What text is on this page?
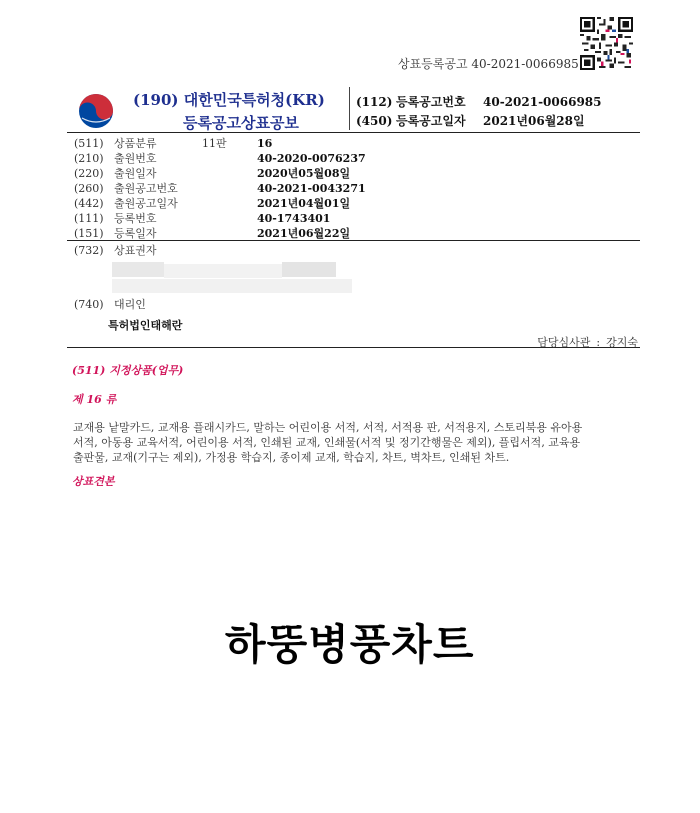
상표등록공고 40-2021-0066985
(190) 대한민국특허청(KR)
등록공고상표공보
(112) 등록공고번호 40-2021-0066985
(450) 등록공고일자 2021년06월28일
(511) 상품분류	11판	16
(210) 출원번호	40-2020-0076237
(220) 출원일자	2020년05월08일
(260) 출원공고번호	40-2021-0043271
(442) 출원공고일자	2021년04월01일
(111) 등록번호	40-1743401
(151) 등록일자	2021년06월22일
(732) 상표권자
(740) 대리인
특허법인태해란
담당심사관 : 강지숙
(511) 지정상품(업무)
제 16 류
교재용 낱말카드, 교재용 플래시카드, 말하는 어린이용 서적, 서적, 서적용 판, 서적용지, 스토리북용 유아용
서적, 아동용 교육서적, 어린이용 서적, 인쇄된 교재, 인쇄물(서적 및 정기간행물은 제외), 플립서적, 교육용
출판물, 교재(기구는 제외), 가정용 학습지, 종이제 교재, 학습지, 차트, 벽차트, 인쇄된 차트.
상표견본
하뚱병풍차트
